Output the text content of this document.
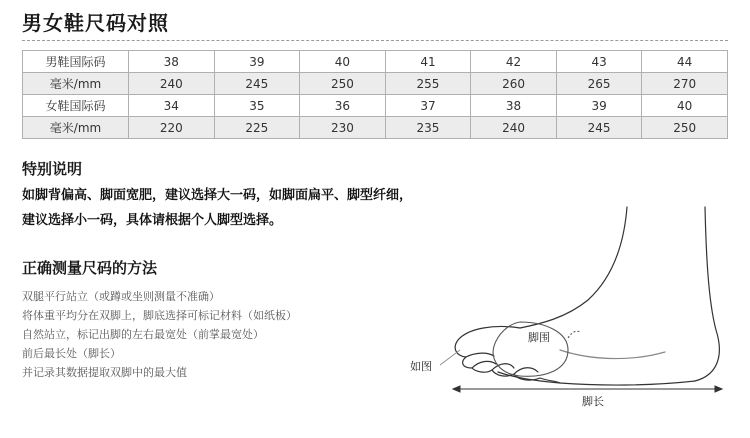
男女鞋尺码对照
男鞋国际码	38	39	40	41	42	43	44
毫米/mm	240	245	250	255	260	265	270
女鞋国际码	34	35	36	37	38	39	40
毫米/mm	220	225	230	235	240	245	250
特别说明
如脚背偏高、脚面宽肥，建议选择大一码，如脚面扁平、脚型纤细，
建议选择小一码，具体请根据个人脚型选择。
正确测量尺码的方法
双腿平行站立（或蹲或坐则测量不准确）
将体重平均分在双脚上，脚底选择可标记材料（如纸板）
自然站立，标记出脚的左右最宽处（前掌最宽处）
前后最长处（脚长）
并记录其数据提取双脚中的最大值
脚围
如图
脚长
